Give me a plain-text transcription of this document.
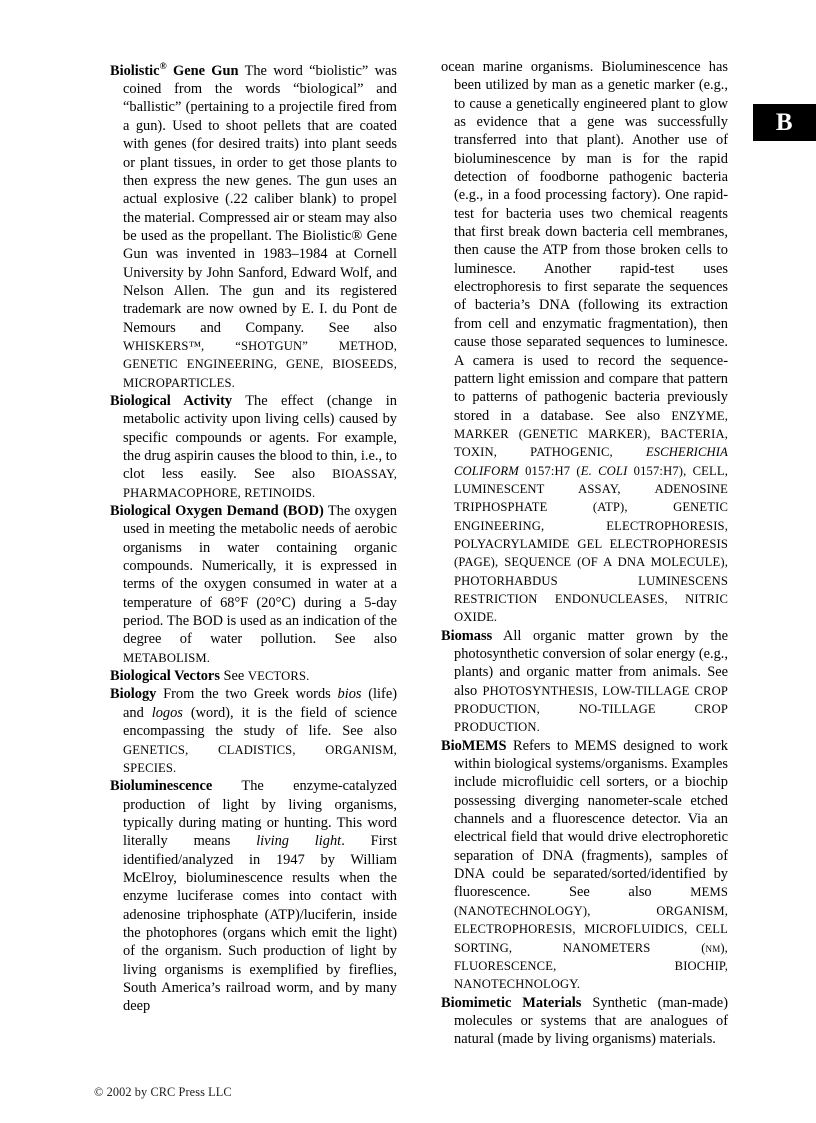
B

Biolistic® Gene Gun The word “biolistic” was coined from the words “biological” and “ballistic” (pertaining to a projectile fired from a gun). Used to shoot pellets that are coated with genes (for desired traits) into plant seeds or plant tissues, in order to get those plants to then express the new genes. The gun uses an actual explosive (.22 caliber blank) to propel the material. Compressed air or steam may also be used as the propellant. The Biolistic® Gene Gun was invented in 1983–1984 at Cornell University by John Sanford, Edward Wolf, and Nelson Allen. The gun and its registered trademark are now owned by E. I. du Pont de Nemours and Company. See also WHISKERS™, “SHOTGUN” METHOD, GENETIC ENGINEERING, GENE, BIOSEEDS, MICROPARTICLES.

Biological Activity The effect (change in metabolic activity upon living cells) caused by specific compounds or agents. For example, the drug aspirin causes the blood to thin, i.e., to clot less easily. See also BIOASSAY, PHARMACOPHORE, RETINOIDS.

Biological Oxygen Demand (BOD) The oxygen used in meeting the metabolic needs of aerobic organisms in water containing organic compounds. Numerically, it is expressed in terms of the oxygen consumed in water at a temperature of 68°F (20°C) during a 5-day period. The BOD is used as an indication of the degree of water pollution. See also METABOLISM.

Biological Vectors See VECTORS.

Biology From the two Greek words bios (life) and logos (word), it is the field of science encompassing the study of life. See also GENETICS, CLADISTICS, ORGANISM, SPECIES.

Bioluminescence The enzyme-catalyzed production of light by living organisms, typically during mating or hunting. This word literally means living light. First identified/analyzed in 1947 by William McElroy, bioluminescence results when the enzyme luciferase comes into contact with adenosine triphosphate (ATP)/luciferin, inside the photophores (organs which emit the light) of the organism. Such production of light by living organisms is exemplified by fireflies, South America’s railroad worm, and by many deep

ocean marine organisms. Bioluminescence has been utilized by man as a genetic marker (e.g., to cause a genetically engineered plant to glow as evidence that a gene was successfully transferred into that plant). Another use of bioluminescence by man is for the rapid detection of foodborne pathogenic bacteria (e.g., in a food processing factory). One rapid-test for bacteria uses two chemical reagents that first break down bacteria cell membranes, then cause the ATP from those broken cells to luminesce. Another rapid-test uses electrophoresis to first separate the sequences of bacteria’s DNA (following its extraction from cell and enzymatic fragmentation), then cause those separated sequences to luminesce. A camera is used to record the sequence-pattern light emission and compare that pattern to patterns of pathogenic bacteria previously stored in a database. See also ENZYME, MARKER (GENETIC MARKER), BACTERIA, TOXIN, PATHOGENIC, ESCHERICHIA COLIFORM 0157:H7 (E. COLI 0157:H7), CELL, LUMINESCENT ASSAY, ADENOSINE TRIPHOSPHATE (ATP), GENETIC ENGINEERING, ELECTROPHORESIS, POLYACRYLAMIDE GEL ELECTROPHORESIS (PAGE), SEQUENCE (OF A DNA MOLECULE), PHOTORHABDUS LUMINESCENS RESTRICTION ENDONUCLEASES, NITRIC OXIDE.

Biomass All organic matter grown by the photosynthetic conversion of solar energy (e.g., plants) and organic matter from animals. See also PHOTOSYNTHESIS, LOW-TILLAGE CROP PRODUCTION, NO-TILLAGE CROP PRODUCTION.

BioMEMS Refers to MEMS designed to work within biological systems/organisms. Examples include microfluidic cell sorters, or a biochip possessing diverging nanometer-scale etched channels and a fluorescence detector. Via an electrical field that would drive electrophoretic separation of DNA (fragments), samples of DNA could be separated/sorted/identified by fluorescence. See also MEMS (NANOTECHNOLOGY), ORGANISM, ELECTROPHORESIS, MICROFLUIDICS, CELL SORTING, NANOMETERS (nm), FLUORESCENCE, BIOCHIP, NANOTECHNOLOGY.

Biomimetic Materials Synthetic (man-made) molecules or systems that are analogues of natural (made by living organisms) materials.

© 2002 by CRC Press LLC
